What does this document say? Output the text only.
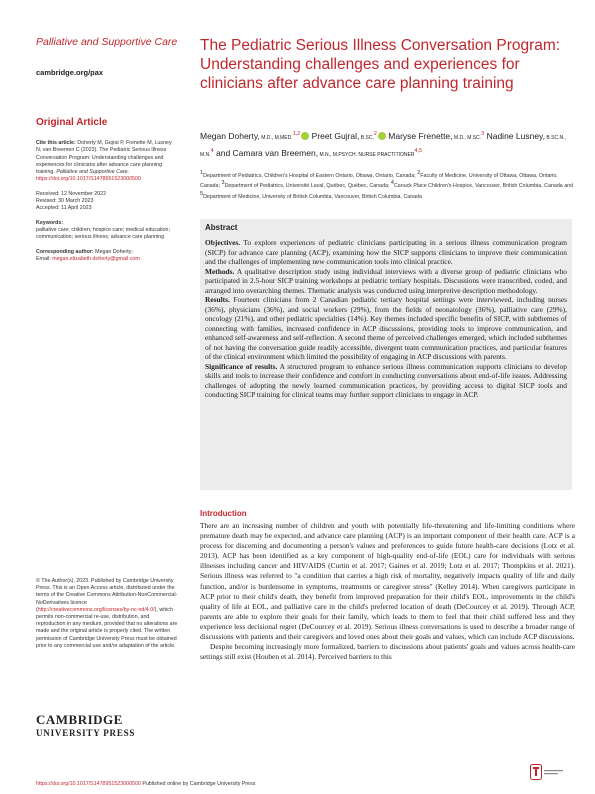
Palliative and Supportive Care
cambridge.org/pax
Original Article
Cite this article: Doherty M, Gujral P, Frenette M, Lusney N, van Breemen C (2023). The Pediatric Serious Illness Conversation Program: Understanding challenges and experiences for clinicians after advance care planning training. Palliative and Supportive Care. https://doi.org/10.1017/S1478951523000500
Received: 12 November 2022
Revised: 30 March 2023
Accepted: 11 April 2023
Keywords:
palliative care; children; hospice care; medical education; communication; serious illness; advance care planning
Corresponding author: Megan Doherty;
Email: megan.elizabeth.doherty@gmail.com
© The Author(s), 2023. Published by Cambridge University Press. This is an Open Access article, distributed under the terms of the Creative Commons Attribution-NonCommercial-NoDerivatives licence (http://creativecommons.org/licenses/by-nc-nd/4.0/), which permits non-commercial re-use, distribution, and reproduction in any medium, provided that no alterations are made and the original article is properly cited. The written permission of Cambridge University Press must be obtained prior to any commercial use and/or adaptation of the article.
CAMBRIDGE
UNIVERSITY PRESS
The Pediatric Serious Illness Conversation Program: Understanding challenges and experiences for clinicians after advance care planning training
Megan Doherty, M.D., M.MED.$^{1,2}$ Preet Gujral, B.SC.$^2$ Maryse Frenette, M.D., M.SC.$^3$ Nadine Lusney, B.SC.N., M.N.$^4$ and Camara van Breemen, M.N., M.PSYCH. NURSE PRACTITIONER$^{4,5}$
$^1$Department of Pediatrics, Children's Hospital of Eastern Ontario, Ottawa, Ontario, Canada; $^2$Faculty of Medicine, University of Ottawa, Ottawa, Ontario, Canada; $^3$Department of Pediatrics, Université Laval, Québec, Québec, Canada; $^4$Canuck Place Children's Hospice, Vancouver, British Columbia, Canada and $^5$Department of Medicine, University of British Columbia, Vancouver, British Columbia, Canada
Abstract

Objectives. To explore experiences of pediatric clinicians participating in a serious illness communication program (SICP) for advance care planning (ACP), examining how the SICP supports clinicians to improve their communication and the challenges of implementing new communication tools into clinical practice.

Methods. A qualitative description study using individual interviews with a diverse group of pediatric clinicians who participated in 2.5-hour SICP training workshops at pediatric tertiary hospitals. Discussions were transcribed, coded, and arranged into overarching themes. Thematic analysis was conducted using interpretive description methodology.

Results. Fourteen clinicians from 2 Canadian pediatric tertiary hospital settings were interviewed, including nurses (36%), physicians (36%), and social workers (29%), from the fields of neonatology (36%), palliative care (29%), oncology (21%), and other pediatric specialties (14%). Key themes included specific benefits of SICP, with subthemes of connecting with families, increased confidence in ACP discussions, providing tools to improve communication, and enhanced self-awareness and self-reflection. A second theme of perceived challenges emerged, which included subthemes of not having the conversation guide readily accessible, divergent team communication practices, and particular features of the clinical environment which limited the possibility of engaging in ACP discussions with parents.

Significance of results. A structured program to enhance serious illness communication supports clinicians to develop skills and tools to increase their confidence and comfort in conducting conversations about end-of-life issues. Addressing challenges of adopting the newly learned communication practices, by providing access to digital SICP tools and conducting SICP training for clinical teams may further support clinicians to engage in ACP.

Introduction

There are an increasing number of children and youth with potentially life-threatening and life-limiting conditions where premature death may be expected, and advance care planning (ACP) is an important component of their health care. ACP is a process for discerning and documenting a person's values and preferences to guide future health-care decisions (Lotz et al. 2013). ACP has been identified as a key component of high-quality end-of-life (EOL) care for individuals with serious illnesses including cancer and HIV/AIDS (Curtin et al. 2017; Gaines et al. 2019; Lotz et al. 2017; Thompkins et al. 2021). Serious illness was referred to "a condition that carries a high risk of mortality, negatively impacts quality of life and daily function, and/or is burdensome in symptoms, treatments or caregiver stress" (Kelley 2014). When caregivers participate in ACP prior to their child's death, they benefit from improved preparation for their child's EOL, improvements in the child's quality of life at EOL, and palliative care in the child's preferred location of death (DeCourcey et al. 2019). Through ACP, parents are able to explore their goals for their family, which leads to them to feel that their child suffered less and they experience less decisional regret (DeCourcey et al. 2019). Serious illness conversations is used to describe a broader range of discussions with patients and their caregivers and loved ones about their goals and values, which can include ACP discussions.

Despite becoming increasingly more formalized, barriers to discussions about patients' goals and values across health-care settings still exist (Houben et al. 2014). Perceived barriers to this

https://doi.org/10.1017/S1478951523000500 Published online by Cambridge University Press
